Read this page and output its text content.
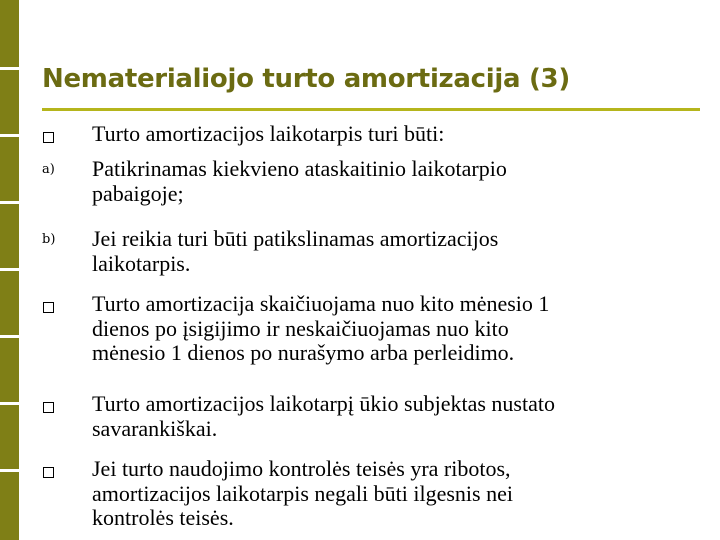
Nematerialiojo turto amortizacija (3)
Turto amortizacijos laikotarpis turi būti:
a)	Patikrinamas kiekvieno ataskaitinio laikotarpio
pabaigoje;
b)	Jei reikia turi būti patikslinamas amortizacijos
laikotarpis.
Turto amortizacija skaičiuojama nuo kito mėnesio 1
dienos po įsigijimo ir neskaičiuojamas nuo kito
mėnesio 1 dienos po nurašymo arba perleidimo.
Turto amortizacijos laikotarpį ūkio subjektas nustato
savarankiškai.
Jei turto naudojimo kontrolės teisės yra ribotos,
amortizacijos laikotarpis negali būti ilgesnis nei
kontrolės teisės.
